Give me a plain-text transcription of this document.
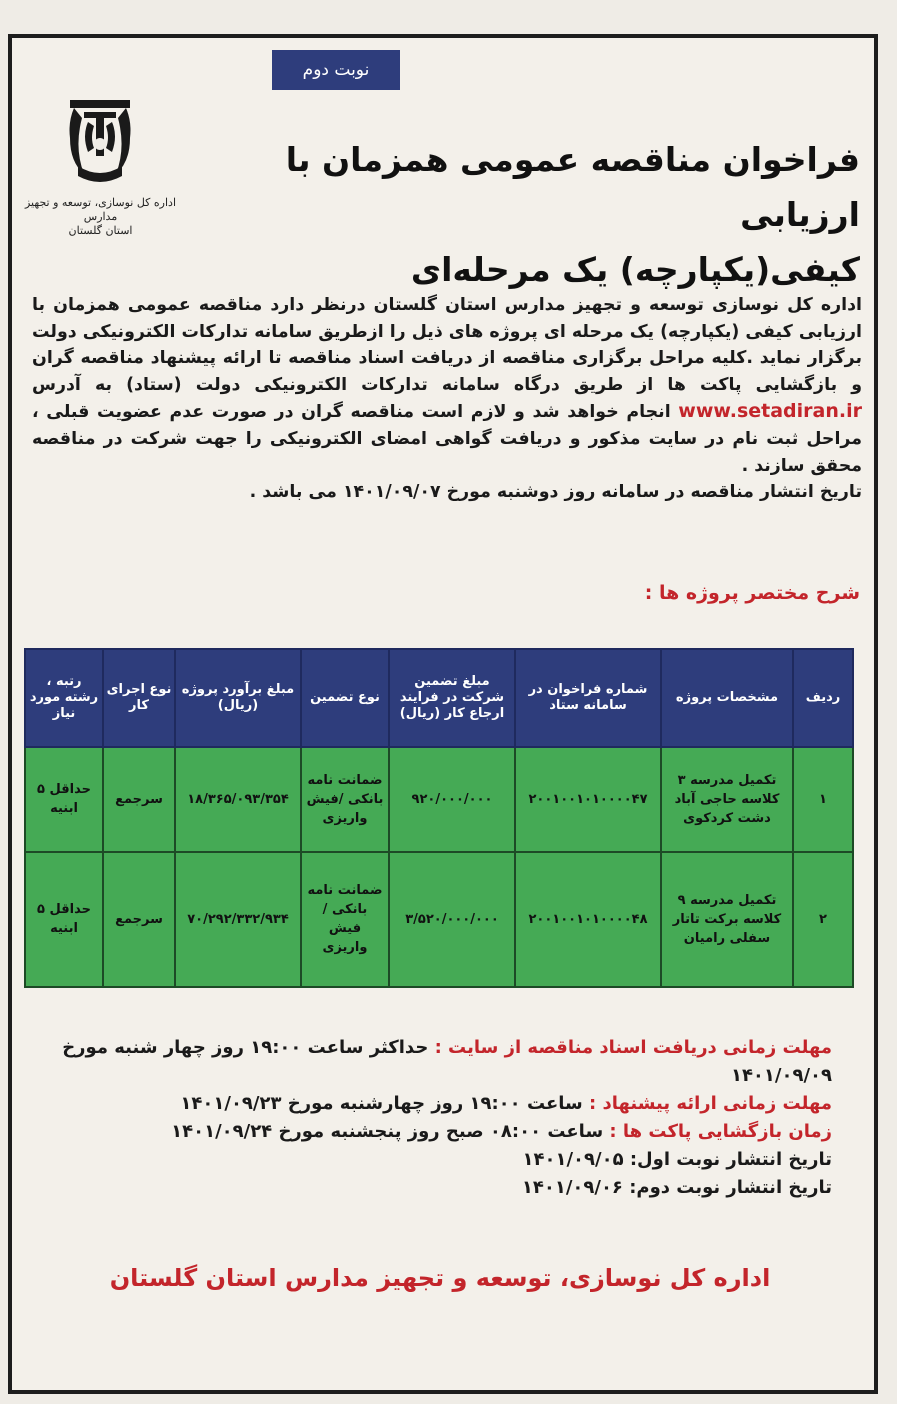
نوبت دوم
اداره کل نوسازی، توسعه و تجهیز مدارس
استان گلستان
فراخوان مناقصه عمومی همزمان با ارزیابی
کیفی(یکپارچه) یک مرحله‌ای
اداره کل نوسازی توسعه و تجهیز مدارس استان گلستان درنظر دارد مناقصه عمومی همزمان با ارزیابی کیفی (یکپارچه) یک مرحله ای پروژه های ذیل را ازطریق سامانه تدارکات الکترونیکی دولت برگزار نماید .کلیه مراحل برگزاری مناقصه از دریافت اسناد مناقصه تا ارائه پیشنهاد مناقصه گران و بازگشایی پاکت ها از طریق درگاه سامانه تدارکات الکترونیکی دولت (ستاد) به آدرس www.setadiran.ir انجام خواهد شد و لازم است مناقصه گران در صورت عدم عضویت قبلی ، مراحل ثبت نام در سایت مذکور و دریافت گواهی امضای الکترونیکی را جهت شرکت در مناقصه محقق سازند .
تاریخ انتشار مناقصه در سامانه روز دوشنبه مورخ ۱۴۰۱/۰۹/۰۷ می باشد .
شرح مختصر پروژه ها :
ردیف	مشخصات پروژه	شماره فراخوان در سامانه ستاد	مبلغ تضمین شرکت در فرایند ارجاع کار (ریال)	نوع تضمین	مبلغ برآورد پروژه (ریال)	نوع اجرای کار	رتبه ، رشته مورد نیاز
۱	تکمیل مدرسه ۳ کلاسه حاجی آباد دشت کردکوی	۲۰۰۱۰۰۱۰۱۰۰۰۰۴۷	۹۲۰/۰۰۰/۰۰۰	ضمانت نامه بانکی /فیش واریزی	۱۸/۳۶۵/۰۹۳/۳۵۴	سرجمع	حداقل ۵ ابنیه
۲	تکمیل مدرسه ۹ کلاسه برکت تاتار سفلی رامیان	۲۰۰۱۰۰۱۰۱۰۰۰۰۴۸	۳/۵۲۰/۰۰۰/۰۰۰	ضمانت نامه بانکی / فیش واریزی	۷۰/۲۹۲/۳۳۲/۹۳۴	سرجمع	حداقل ۵ ابنیه
مهلت زمانی دریافت اسناد مناقصه از سایت : حداکثر ساعت ۱۹:۰۰ روز چهار شنبه مورخ ۱۴۰۱/۰۹/۰۹
مهلت زمانی ارائه پیشنهاد : ساعت ۱۹:۰۰ روز چهارشنبه مورخ ۱۴۰۱/۰۹/۲۳
زمان بازگشایی پاکت ها : ساعت ۰۸:۰۰ صبح روز پنجشنبه مورخ ۱۴۰۱/۰۹/۲۴
تاریخ انتشار نوبت اول: ۱۴۰۱/۰۹/۰۵
تاریخ انتشار نوبت دوم: ۱۴۰۱/۰۹/۰۶
اداره کل نوسازی، توسعه و تجهیز مدارس استان گلستان
